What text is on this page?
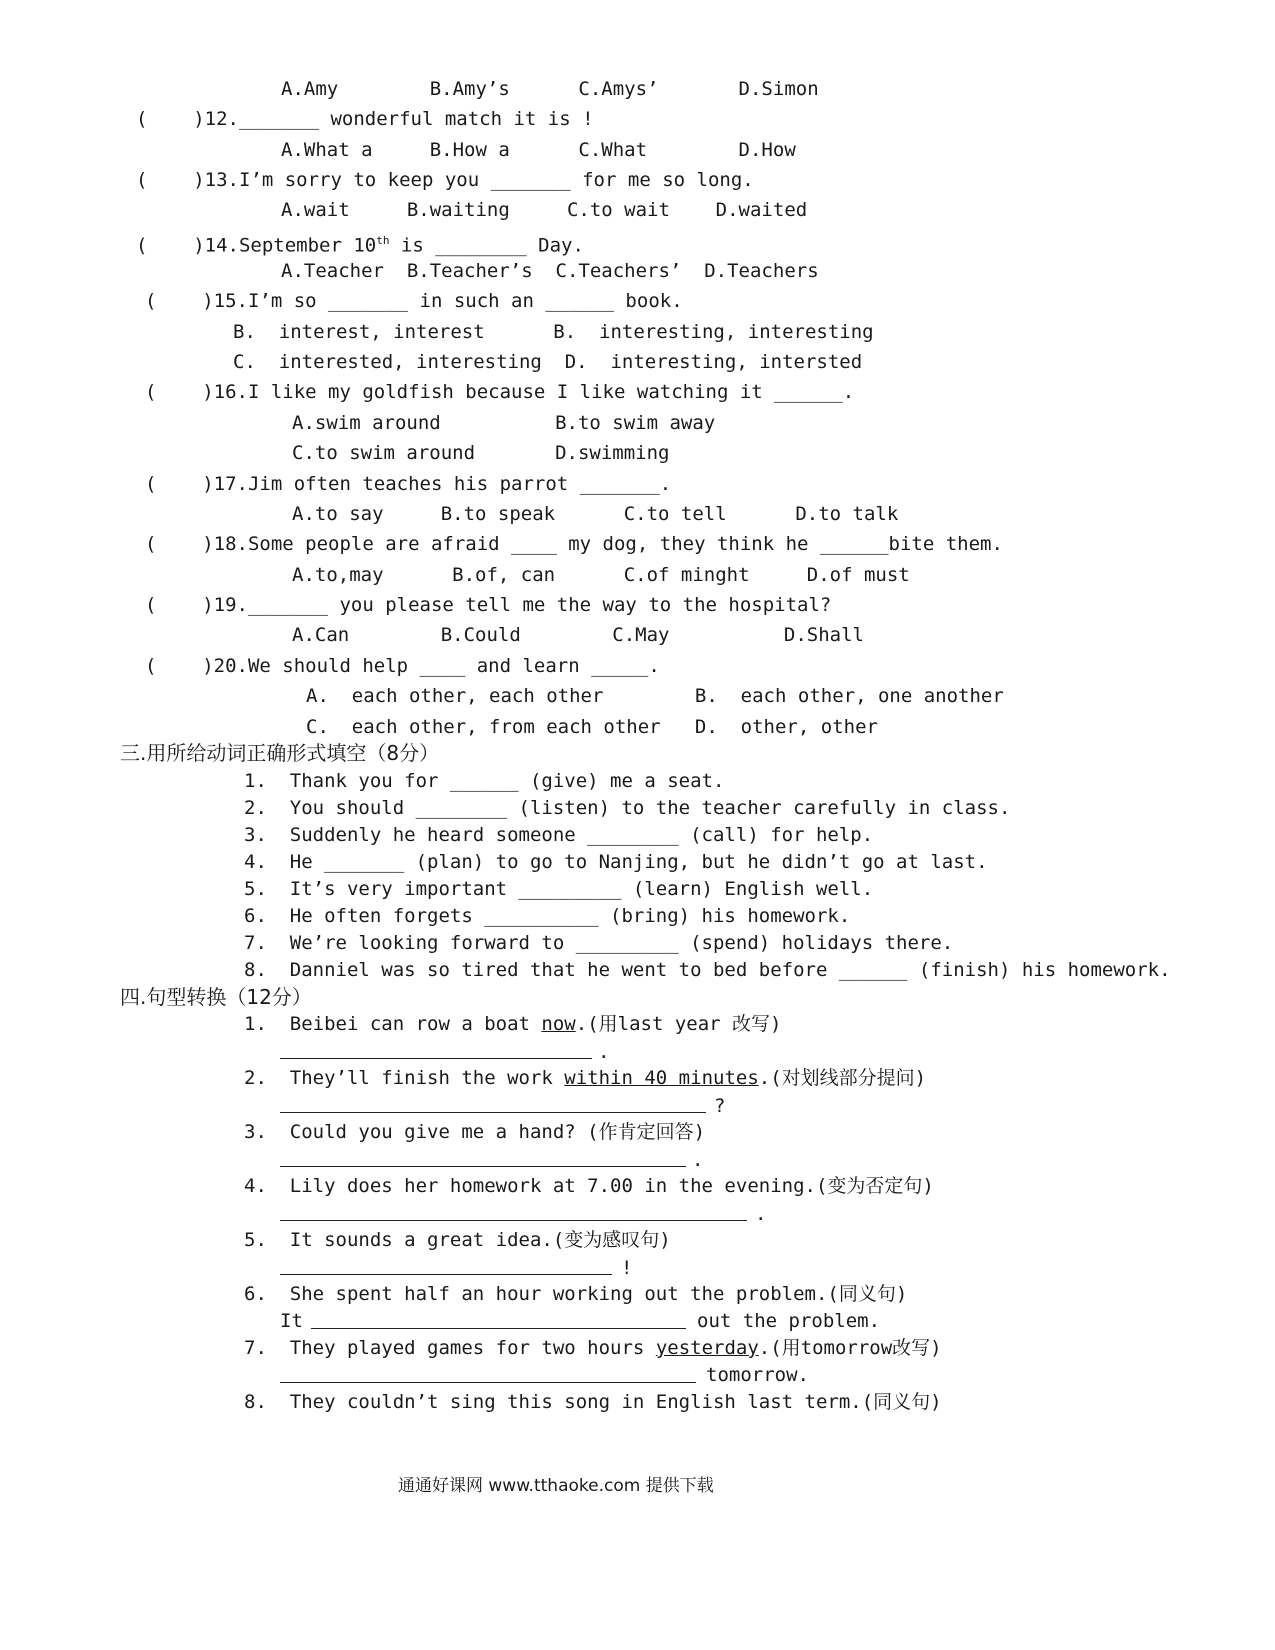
A.Amy        B.Amy’s      C.Amys’       D.Simon
(    )12._______ wonderful match it is !
A.What a     B.How a      C.What        D.How
(    )13.I’m sorry to keep you _______ for me so long.
A.wait     B.waiting     C.to wait    D.waited
(    )14.September 10th is ________ Day.
A.Teacher  B.Teacher’s  C.Teachers’  D.Teachers
(    )15.I’m so _______ in such an ______ book.
B.  interest, interest      B.  interesting, interesting
C.  interested, interesting  D.  interesting, intersted
(    )16.I like my goldfish because I like watching it ______.
A.swim around          B.to swim away
C.to swim around       D.swimming
(    )17.Jim often teaches his parrot _______.
A.to say     B.to speak      C.to tell      D.to talk
(    )18.Some people are afraid ____ my dog, they think he ______bite them.
A.to,may      B.of, can      C.of minght     D.of must
(    )19._______ you please tell me the way to the hospital?
A.Can        B.Could        C.May          D.Shall
(    )20.We should help ____ and learn _____.
A.  each other, each other        B.  each other, one another
C.  each other, from each other   D.  other, other
三.用所给动词正确形式填空（8分）
1.  Thank you for ______ (give) me a seat.
2.  You should ________ (listen) to the teacher carefully in class.
3.  Suddenly he heard someone ________ (call) for help.
4.  He _______ (plan) to go to Nanjing, but he didn’t go at last.
5.  It’s very important _________ (learn) English well.
6.  He often forgets __________ (bring) his homework.
7.  We’re looking forward to _________ (spend) holidays there.
8.  Danniel was so tired that he went to bed before ______ (finish) his homework.
四.句型转换（12分）
1.  Beibei can row a boat now.(用last year 改写)
.
2.  They’ll finish the work within 40 minutes.(对划线部分提问)
?
3.  Could you give me a hand? (作肯定回答)
.
4.  Lily does her homework at 7.00 in the evening.(变为否定句)
.
5.  It sounds a great idea.(变为感叹句)
!
6.  She spent half an hour working out the problem.(同义句)
It	out the problem.
7.  They played games for two hours yesterday.(用tomorrow改写)
tomorrow.
8.  They couldn’t sing this song in English last term.(同义句)
通通好课网 www.tthaoke.com 提供下载
